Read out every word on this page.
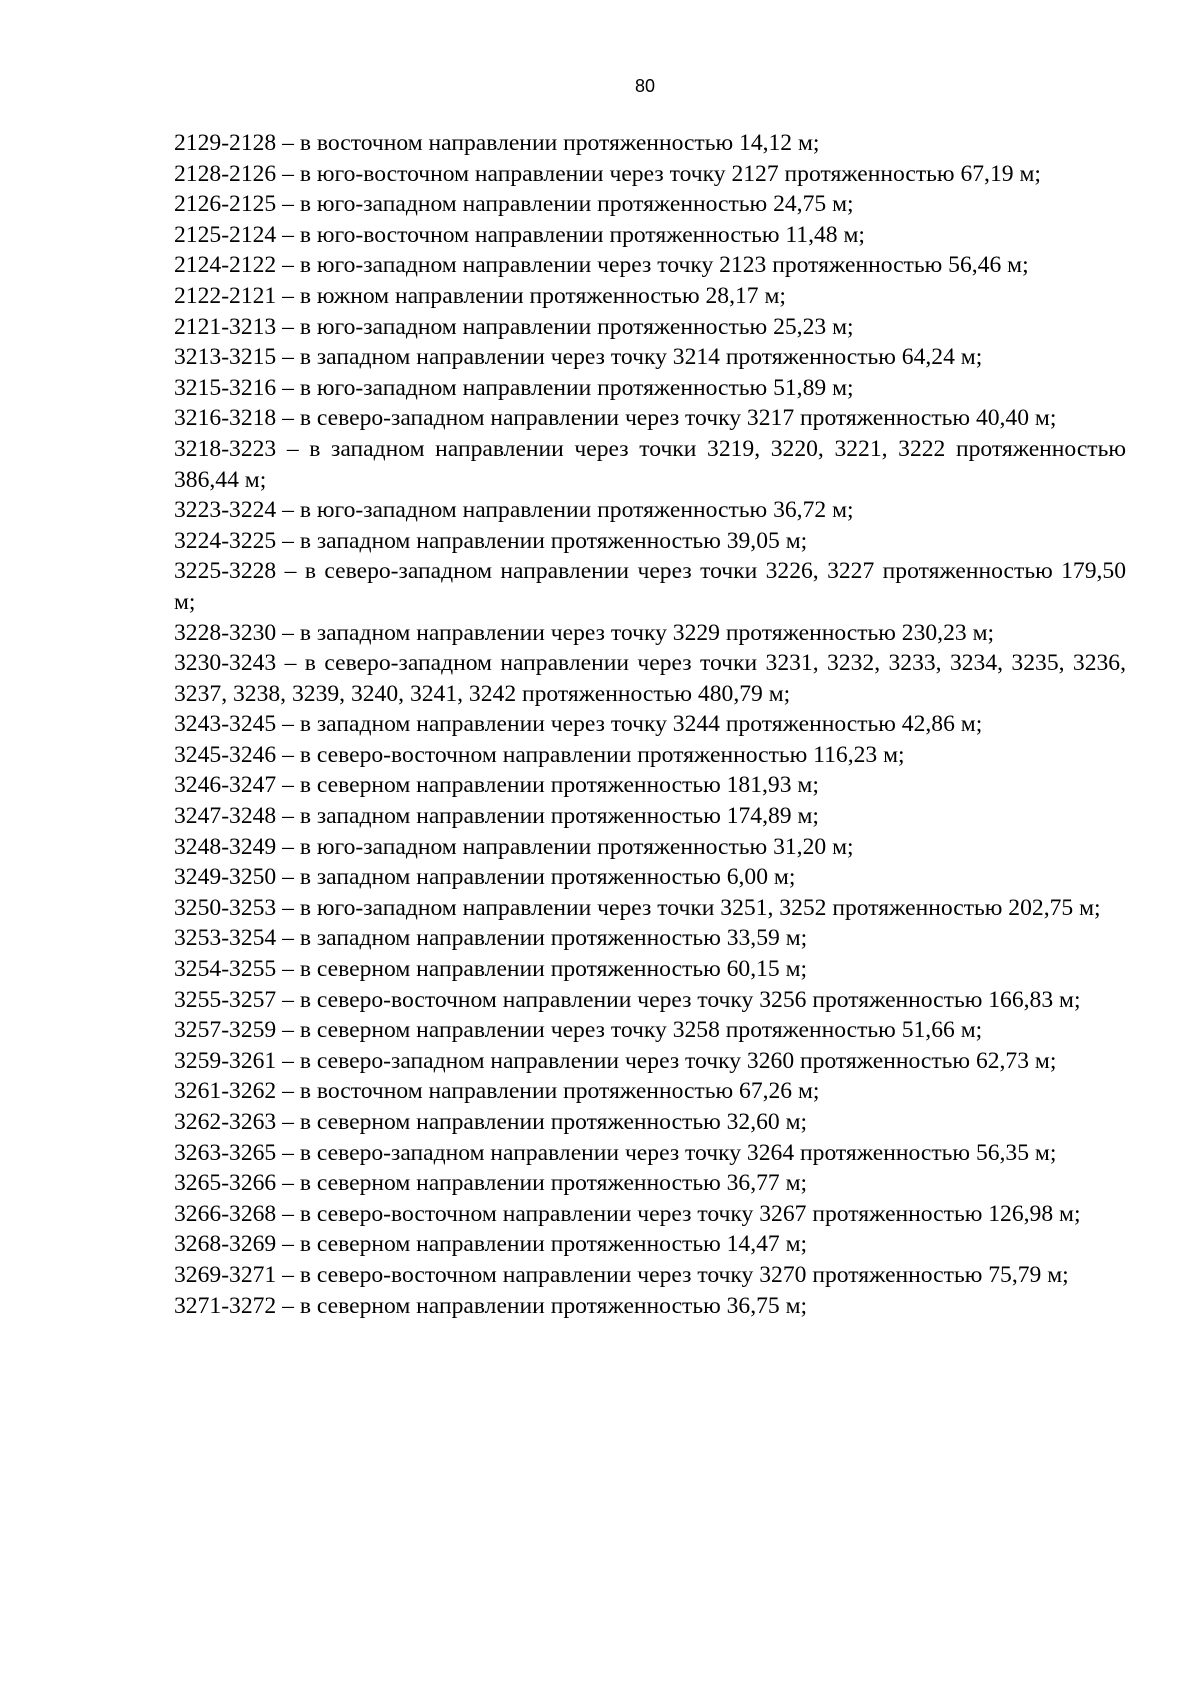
80

2129-2128 – в восточном направлении протяженностью 14,12 м;

2128-2126 – в юго-восточном направлении через точку 2127 протяженностью 67,19 м;

2126-2125 – в юго-западном направлении протяженностью 24,75 м;

2125-2124 – в юго-восточном направлении протяженностью 11,48 м;

2124-2122 – в юго-западном направлении через точку 2123 протяженностью 56,46 м;

2122-2121 – в южном направлении протяженностью 28,17 м;

2121-3213 – в юго-западном направлении протяженностью 25,23 м;

3213-3215 – в западном направлении через точку 3214 протяженностью 64,24 м;

3215-3216 – в юго-западном направлении протяженностью 51,89 м;

3216-3218 – в северо-западном направлении через точку 3217 протяженностью 40,40 м;

3218-3223 – в западном направлении через точки 3219, 3220, 3221, 3222 протяженностью 386,44 м;

3223-3224 – в юго-западном направлении протяженностью 36,72 м;

3224-3225 – в западном направлении протяженностью 39,05 м;

3225-3228 – в северо-западном направлении через точки 3226, 3227 протяженностью 179,50 м;

3228-3230 – в западном направлении через точку 3229 протяженностью 230,23 м;

3230-3243 – в северо-западном направлении через точки 3231, 3232, 3233, 3234, 3235, 3236, 3237, 3238, 3239, 3240, 3241, 3242 протяженностью 480,79 м;

3243-3245 – в западном направлении через точку 3244 протяженностью 42,86 м;

3245-3246 – в северо-восточном направлении протяженностью 116,23 м;

3246-3247 – в северном направлении протяженностью 181,93 м;

3247-3248 – в западном направлении протяженностью 174,89 м;

3248-3249 – в юго-западном направлении протяженностью 31,20 м;

3249-3250 – в западном направлении протяженностью 6,00 м;

3250-3253 – в юго-западном направлении через точки 3251, 3252 протяженностью 202,75 м;

3253-3254 – в западном направлении протяженностью 33,59 м;

3254-3255 – в северном направлении протяженностью 60,15 м;

3255-3257 – в северо-восточном направлении через точку 3256 протяженностью 166,83 м;

3257-3259 – в северном направлении через точку 3258 протяженностью 51,66 м;

3259-3261 – в северо-западном направлении через точку 3260 протяженностью 62,73 м;

3261-3262 – в восточном направлении протяженностью 67,26 м;

3262-3263 – в северном направлении протяженностью 32,60 м;

3263-3265 – в северо-западном направлении через точку 3264 протяженностью 56,35 м;

3265-3266 – в северном направлении протяженностью 36,77 м;

3266-3268 – в северо-восточном направлении через точку 3267 протяженностью 126,98 м;

3268-3269 – в северном направлении протяженностью 14,47 м;

3269-3271 – в северо-восточном направлении через точку 3270 протяженностью 75,79 м;

3271-3272 – в северном направлении протяженностью 36,75 м;
